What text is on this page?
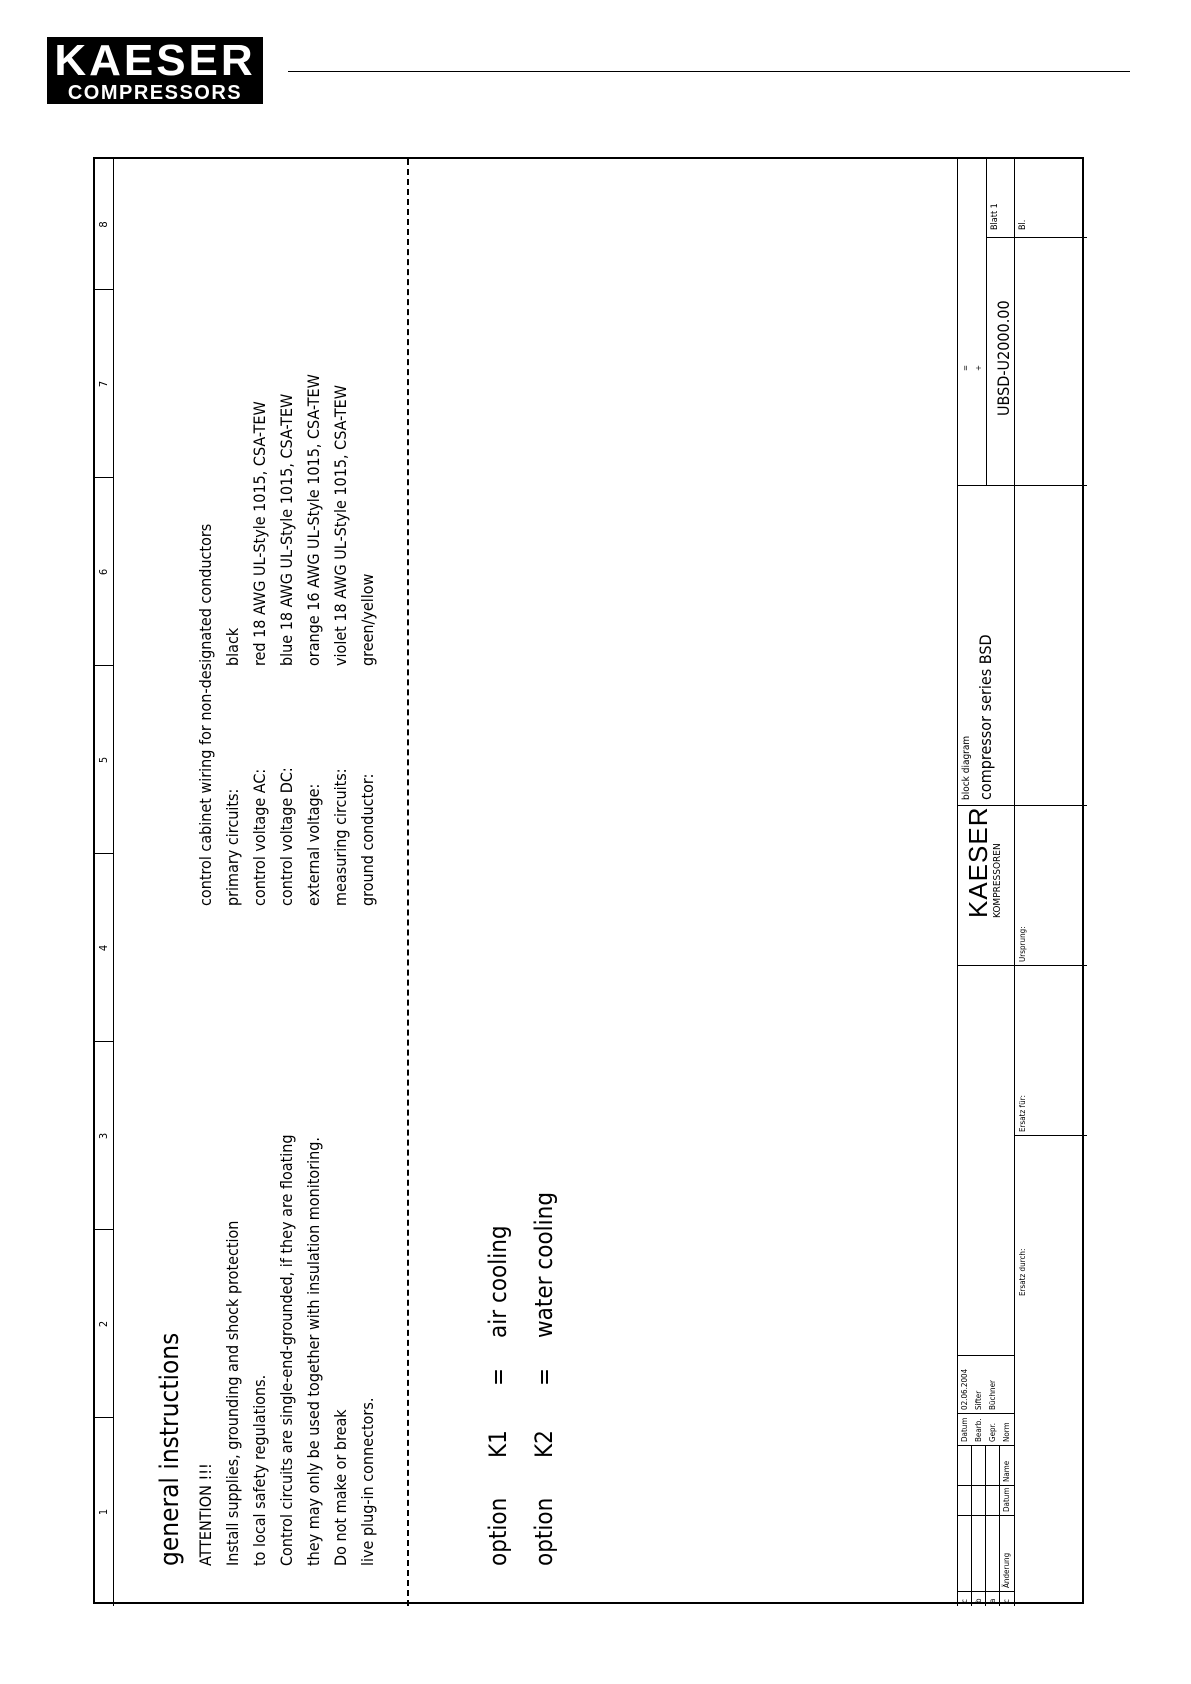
KAESER
COMPRESSORS
1
2
3
4
5
6
7
8
general instructions ATTENTION !!! Install supplies, grounding and shock protection to local safety regulations. Control circuits are single-end-grounded, if they are floating they may only be used together with insulation monitoring. Do not make or break live plug-in connectors.
control cabinet wiring for non-designated conductors primary circuits:
black
control voltage AC:
red 18 AWG UL-Style 1015, CSA-TEW
control voltage DC:
blue 18 AWG UL-Style 1015, CSA-TEW
external voltage:
orange 16 AWG UL-Style 1015, CSA-TEW
measuring circuits:
violet 18 AWG UL-Style 1015, CSA-TEW
ground conductor:
green/yellow
option
K1
=
air cooling
option
K2
=
water cooling
c b a c
Änderung
Datum
Name
Datum
02.06.2004
Bearb.
Sifter
Gepr.
Büchner
Norm
Ersatz durch:
Ersatz für:
Ursprung:
KAESER KOMPRESSOREN
block diagram compressor series BSD
= + UBSD-U2000.00
Blatt 1 Bl.
